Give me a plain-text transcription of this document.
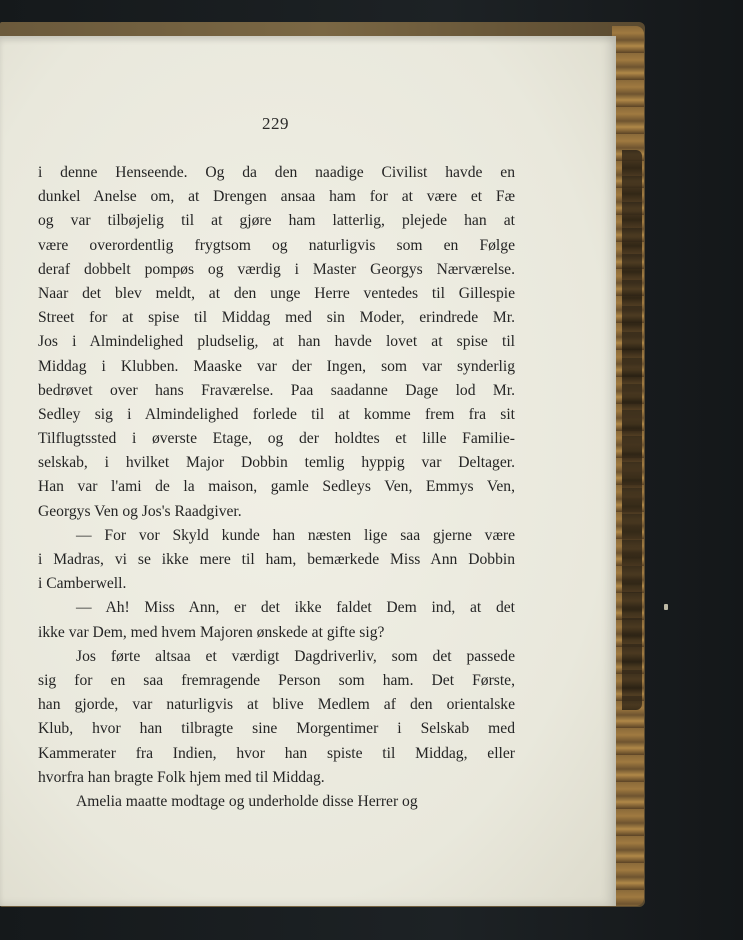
229
i denne Henseende. Og da den naadige Civilist havde en
dunkel Anelse om, at Drengen ansaa ham for at være et Fæ
og var tilbøjelig til at gjøre ham latterlig, plejede han at
være overordentlig frygtsom og naturligvis som en Følge
deraf dobbelt pompøs og værdig i Master Georgys Nærværelse.
Naar det blev meldt, at den unge Herre ventedes til Gillespie
Street for at spise til Middag med sin Moder, erindrede Mr.
Jos i Almindelighed pludselig, at han havde lovet at spise til
Middag i Klubben. Maaske var der Ingen, som var synderlig
bedrøvet over hans Fraværelse. Paa saadanne Dage lod Mr.
Sedley sig i Almindelighed forlede til at komme frem fra sit
Tilflugtssted i øverste Etage, og der holdtes et lille Familie-
selskab, i hvilket Major Dobbin temlig hyppig var Deltager.
Han var l'ami de la maison, gamle Sedleys Ven, Emmys Ven,
Georgys Ven og Jos's Raadgiver.
— For vor Skyld kunde han næsten lige saa gjerne være
i Madras, vi se ikke mere til ham, bemærkede Miss Ann Dobbin
i Camberwell.
— Ah! Miss Ann, er det ikke faldet Dem ind, at det
ikke var Dem, med hvem Majoren ønskede at gifte sig?
Jos førte altsaa et værdigt Dagdriverliv, som det passede
sig for en saa fremragende Person som ham. Det Første,
han gjorde, var naturligvis at blive Medlem af den orientalske
Klub, hvor han tilbragte sine Morgentimer i Selskab med
Kammerater fra Indien, hvor han spiste til Middag, eller
hvorfra han bragte Folk hjem med til Middag.
Amelia maatte modtage og underholde disse Herrer og
